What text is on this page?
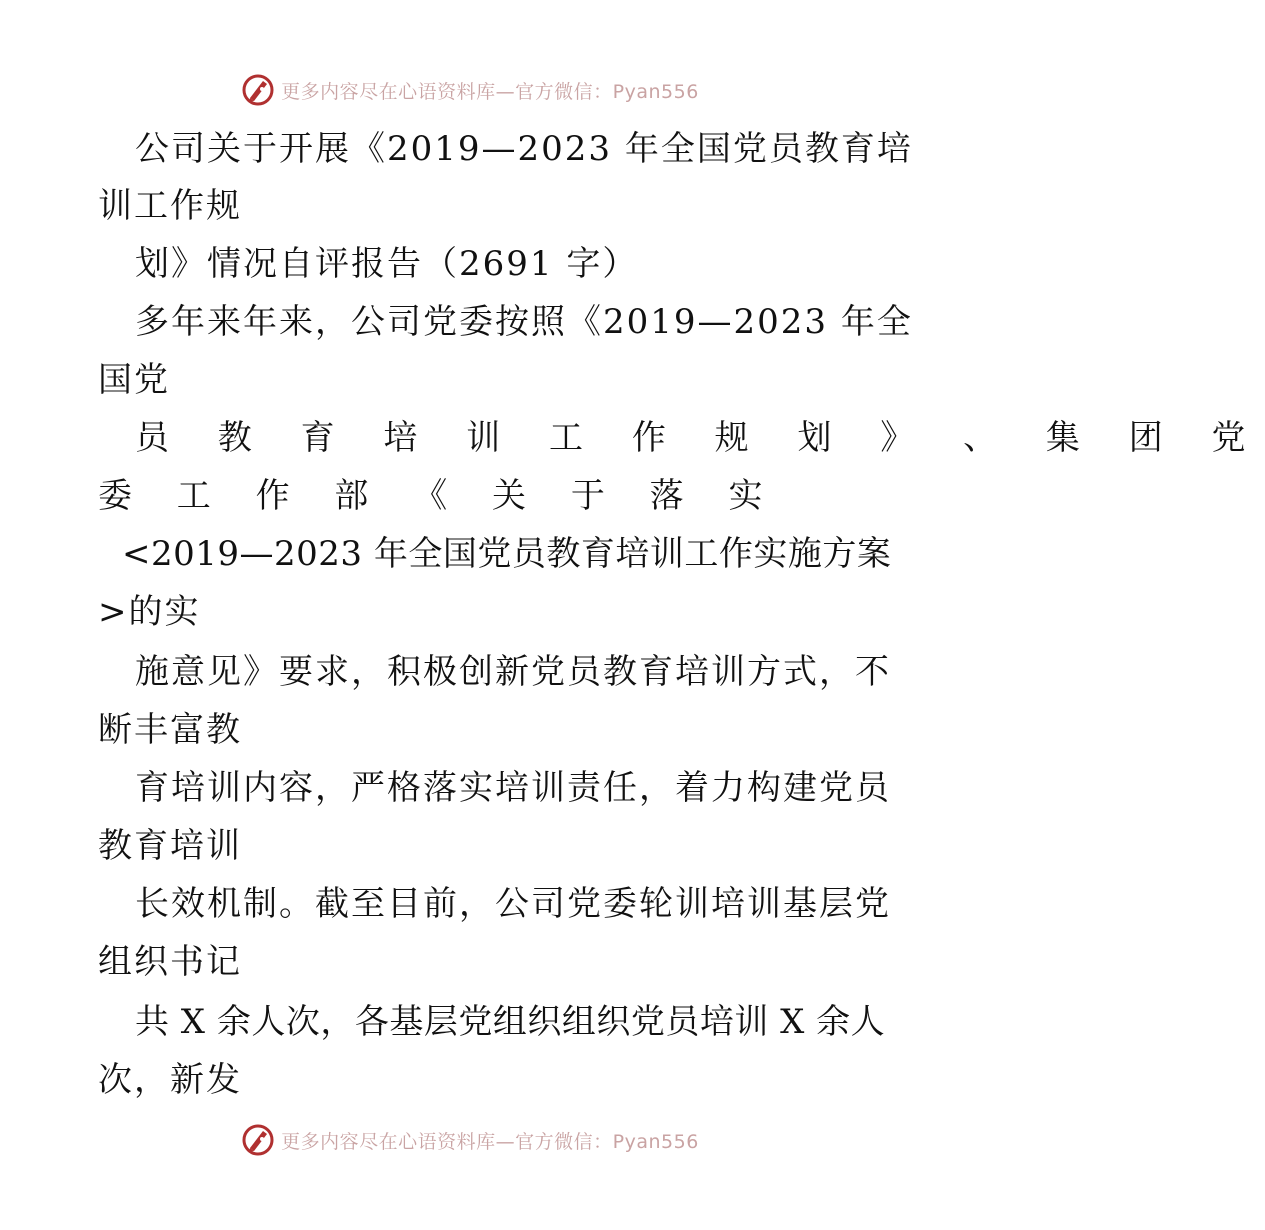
更多内容尽在心语资料库—官方微信：Pyan556
公司关于开展《2019—2023 年全国党员教育培
训工作规
划》情况自评报告（2691 字）
多年来年来，公司党委按照《2019—2023 年全
国党
员 教 育 培 训 工 作 规 划 》 、 集 团 党
委 工 作 部 《 关 于 落 实
<2019—2023 年全国党员教育培训工作实施方案
>的实
施意见》要求，积极创新党员教育培训方式，不
断丰富教
育培训内容，严格落实培训责任，着力构建党员
教育培训
长效机制。截至目前，公司党委轮训培训基层党
组织书记
共 X 余人次，各基层党组织组织党员培训 X 余人
次，新发
更多内容尽在心语资料库—官方微信：Pyan556
